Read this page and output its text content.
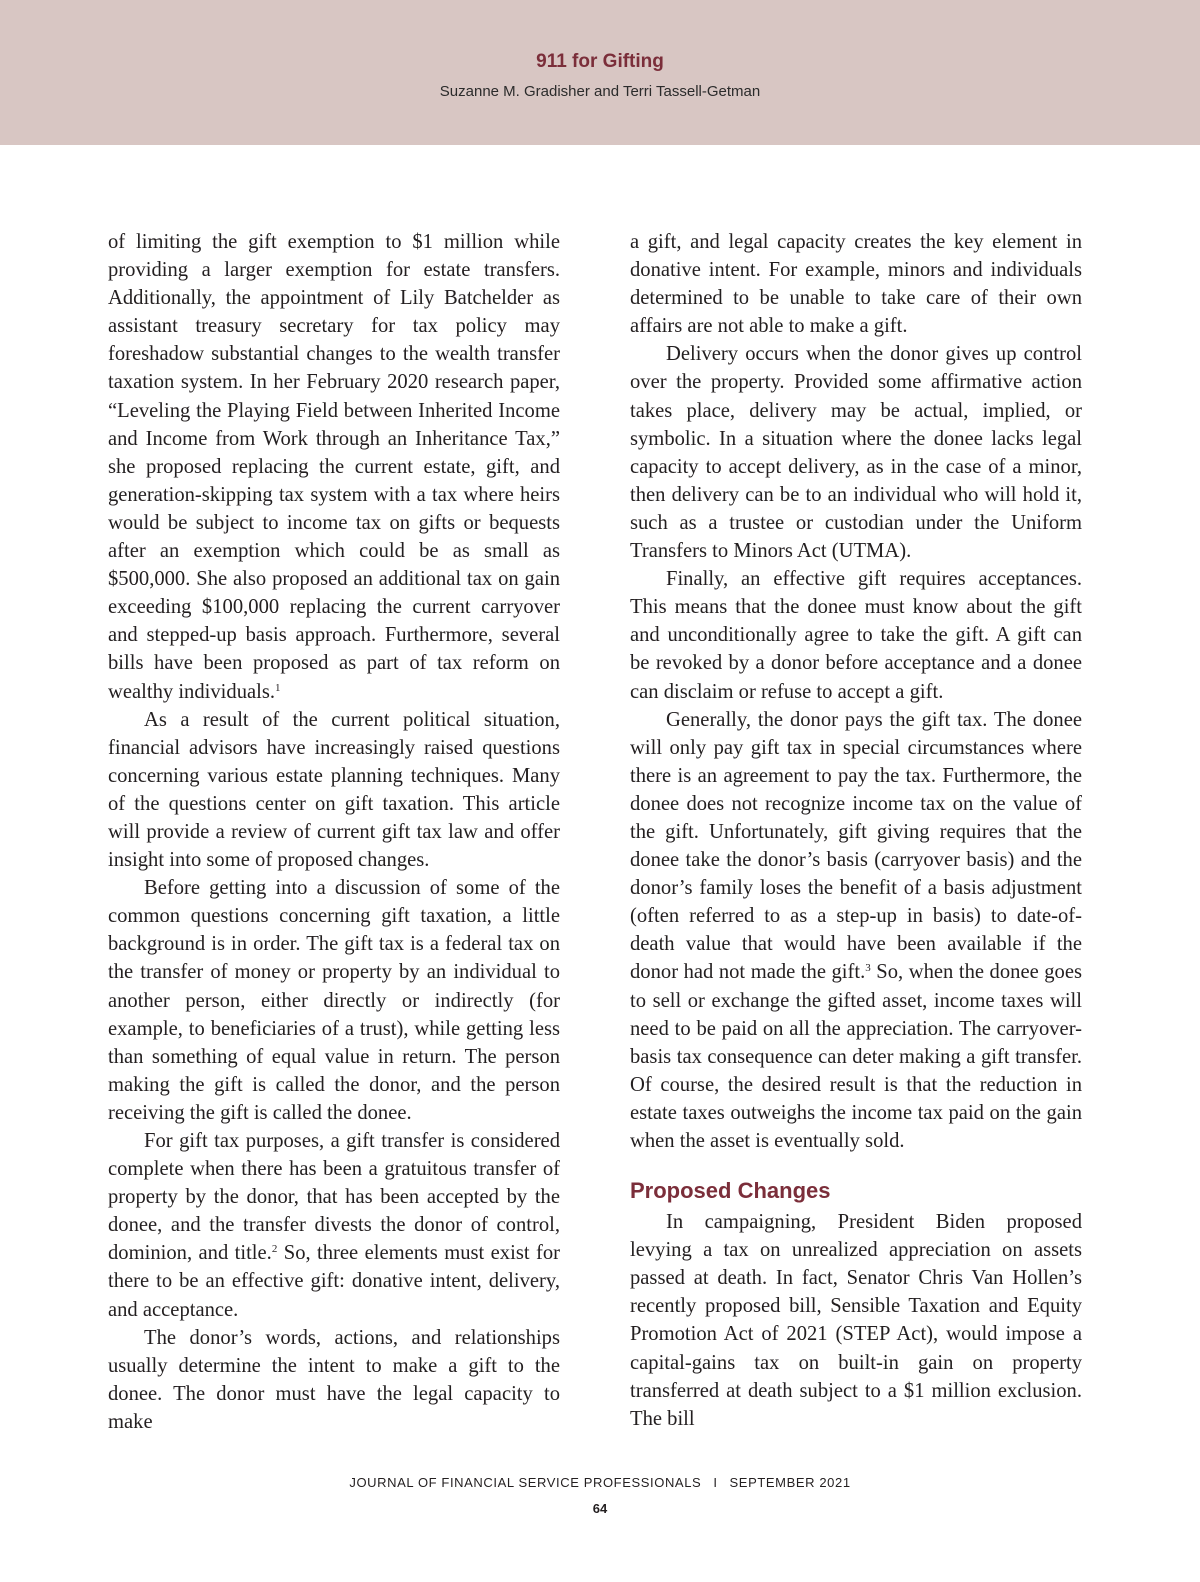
911 for Gifting
Suzanne M. Gradisher and Terri Tassell-Getman

of limiting the gift exemption to $1 million while providing a larger exemption for estate transfers. Additionally, the appointment of Lily Batchelder as assistant treasury secretary for tax policy may foreshadow substantial changes to the wealth transfer taxation system. In her February 2020 research paper, “Leveling the Playing Field between Inherited Income and Income from Work through an Inheritance Tax,” she proposed replacing the current estate, gift, and generation-skipping tax system with a tax where heirs would be subject to income tax on gifts or bequests after an exemption which could be as small as $500,000. She also proposed an additional tax on gain exceeding $100,000 replacing the current carryover and stepped-up basis approach. Furthermore, several bills have been proposed as part of tax reform on wealthy individuals.$^1$

As a result of the current political situation, financial advisors have increasingly raised questions concerning various estate planning techniques. Many of the questions center on gift taxation. This article will provide a review of current gift tax law and offer insight into some of proposed changes.

Before getting into a discussion of some of the common questions concerning gift taxation, a little background is in order. The gift tax is a federal tax on the transfer of money or property by an individual to another person, either directly or indirectly (for example, to beneficiaries of a trust), while getting less than something of equal value in return. The person making the gift is called the donor, and the person receiving the gift is called the donee.

For gift tax purposes, a gift transfer is considered complete when there has been a gratuitous transfer of property by the donor, that has been accepted by the donee, and the transfer divests the donor of control, dominion, and title.$^2$ So, three elements must exist for there to be an effective gift: donative intent, delivery, and acceptance.

The donor’s words, actions, and relationships usually determine the intent to make a gift to the donee. The donor must have the legal capacity to make

a gift, and legal capacity creates the key element in donative intent. For example, minors and individuals determined to be unable to take care of their own affairs are not able to make a gift.

Delivery occurs when the donor gives up control over the property. Provided some affirmative action takes place, delivery may be actual, implied, or symbolic. In a situation where the donee lacks legal capacity to accept delivery, as in the case of a minor, then delivery can be to an individual who will hold it, such as a trustee or custodian under the Uniform Transfers to Minors Act (UTMA).

Finally, an effective gift requires acceptances. This means that the donee must know about the gift and unconditionally agree to take the gift. A gift can be revoked by a donor before acceptance and a donee can disclaim or refuse to accept a gift.

Generally, the donor pays the gift tax. The donee will only pay gift tax in special circumstances where there is an agreement to pay the tax. Furthermore, the donee does not recognize income tax on the value of the gift. Unfortunately, gift giving requires that the donee take the donor’s basis (carryover basis) and the donor’s family loses the benefit of a basis adjustment (often referred to as a step-up in basis) to date-of-death value that would have been available if the donor had not made the gift.$^3$ So, when the donee goes to sell or exchange the gifted asset, income taxes will need to be paid on all the appreciation. The carryover-basis tax consequence can deter making a gift transfer. Of course, the desired result is that the reduction in estate taxes outweighs the income tax paid on the gain when the asset is eventually sold.

Proposed Changes

In campaigning, President Biden proposed levying a tax on unrealized appreciation on assets passed at death. In fact, Senator Chris Van Hollen’s recently proposed bill, Sensible Taxation and Equity Promotion Act of 2021 (STEP Act), would impose a capital-gains tax on built-in gain on property transferred at death subject to a $1 million exclusion. The bill

JOURNAL OF FINANCIAL SERVICE PROFESSIONALS I SEPTEMBER 2021
64
